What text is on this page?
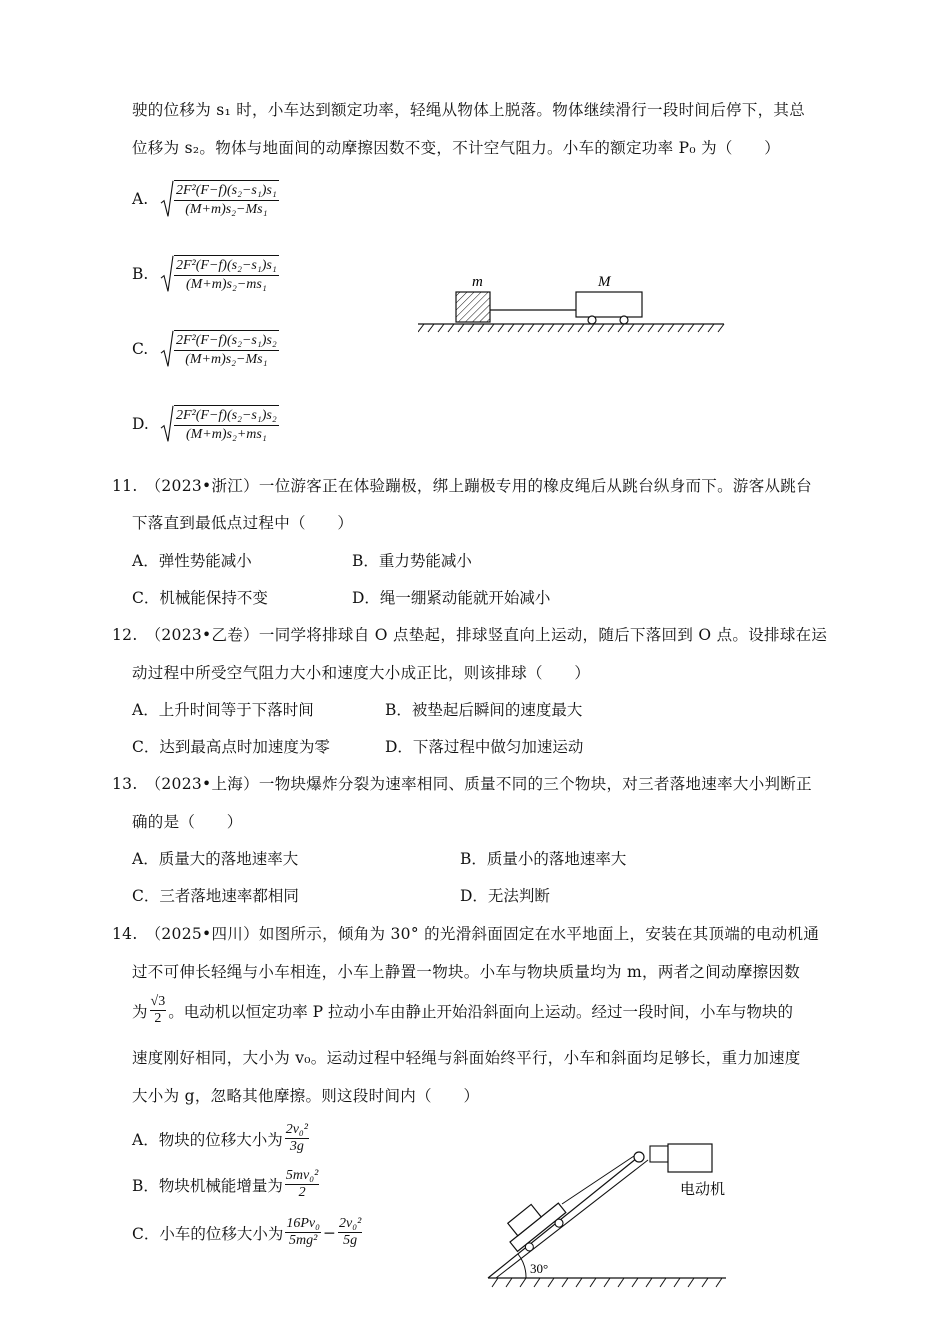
驶的位移为 s₁ 时，小车达到额定功率，轻绳从物体上脱落。物体继续滑行一段时间后停下，其总
位移为 s₂。物体与地面间的动摩擦因数不变，不计空气阻力。小车的额定功率 P₀ 为（　　）
A.	$\frac{\text{2F²(F−f)(s₂−s₁)s₁}}{\text{(M+m)s₂−Ms₁}}$
B.	$\frac{\text{2F²(F−f)(s₂−s₁)s₁}}{\text{(M+m)s₂−ms₁}}$
C.	$\frac{\text{2F²(F−f)(s₂−s₁)s₂}}{\text{(M+m)s₂−Ms₁}}$
D.	$\frac{\text{2F²(F−f)(s₂−s₁)s₂}}{\text{(M+m)s₂+ms₁}}$
m	M
11.　（2023•浙江）一位游客正在体验蹦极，绑上蹦极专用的橡皮绳后从跳台纵身而下。游客从跳台
下落直到最低点过程中（　　）
A．弹性势能减小	B．重力势能减小
C．机械能保持不变	D．绳一绷紧动能就开始减小
12.　（2023•乙卷）一同学将排球自 O 点垫起，排球竖直向上运动，随后下落回到 O 点。设排球在运
动过程中所受空气阻力大小和速度大小成正比，则该排球（　　）
A．上升时间等于下落时间	B．被垫起后瞬间的速度最大
C．达到最高点时加速度为零	D．下落过程中做匀加速运动
13.　（2023•上海）一物块爆炸分裂为速率相同、质量不同的三个物块，对三者落地速率大小判断正
确的是（　　）
A．质量大的落地速率大	B．质量小的落地速率大
C．三者落地速率都相同	D．无法判断
14.　（2025•四川）如图所示，倾角为 30° 的光滑斜面固定在水平地面上，安装在其顶端的电动机通
过不可伸长轻绳与小车相连，小车上静置一物块。小车与物块质量均为 m，两者之间动摩擦因数
为 $\frac{√3}{2}$ 。电动机以恒定功率 P 拉动小车由静止开始沿斜面向上运动。经过一段时间，小车与物块的
速度刚好相同，大小为 v₀。运动过程中轻绳与斜面始终平行，小车和斜面均足够长，重力加速度
大小为 g，忽略其他摩擦。则这段时间内（　　）
A．物块的位移大小为 $\frac{\text{2v₀²}}{3g}$
B．物块机械能增量为 $\frac{\text{5mv₀²}}{2}$
C．小车的位移大小为 $\frac{\text{16Pv₀}}{\text{5mg²}} - \frac{\text{2v₀²}}{5g}$
30°
电动机
